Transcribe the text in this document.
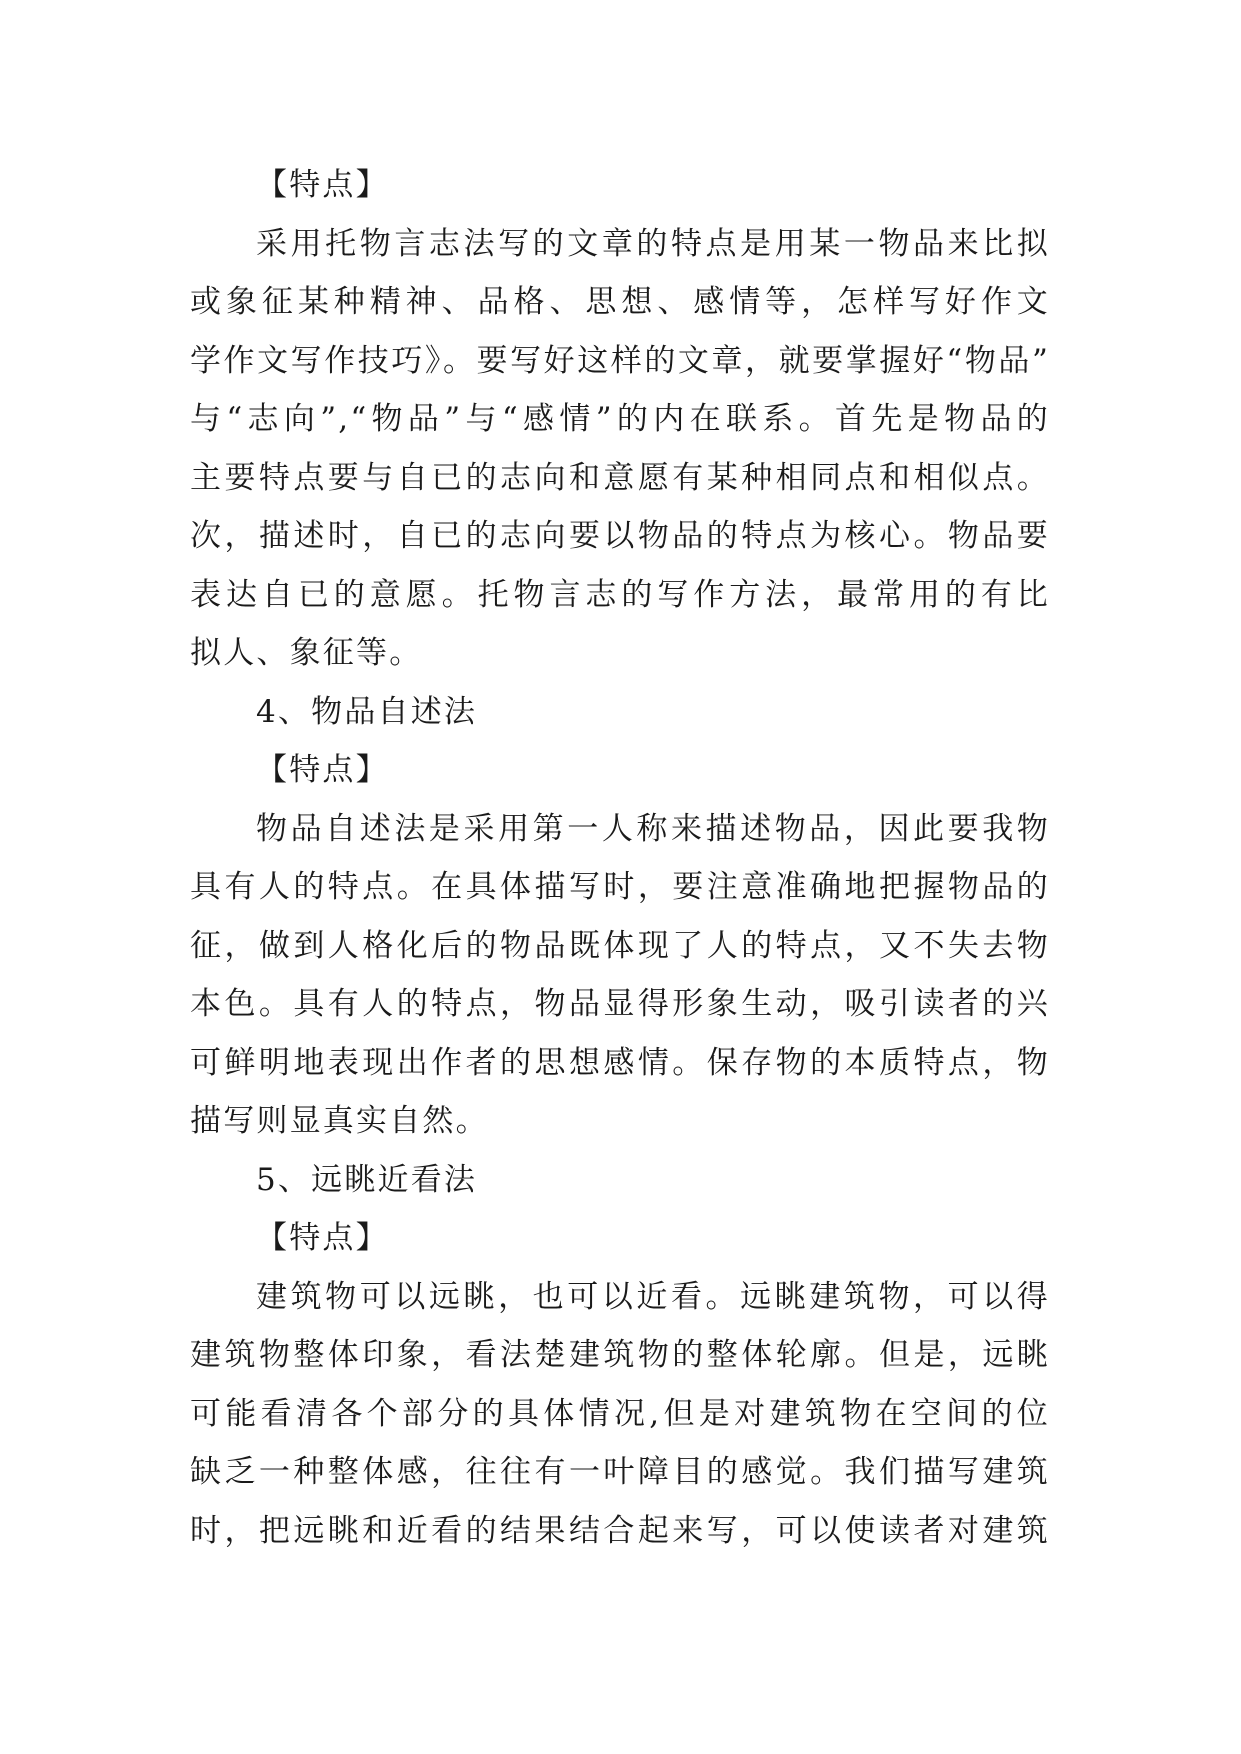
【特点】
采用托物言志法写的文章的特点是用某一物品来比拟
或象征某种精神、品格、思想、感情等，怎样写好作文
学作文写作技巧》。要写好这样的文章，就要掌握好“物品”
与“志向”,“物品”与“感情”的内在联系。首先是物品的
主要特点要与自已的志向和意愿有某种相同点和相似点。
次，描述时，自已的志向要以物品的特点为核心。物品要
表达自已的意愿。托物言志的写作方法，最常用的有比
拟人、象征等。
4、物品自述法
【特点】
物品自述法是采用第一人称来描述物品，因此要我物
具有人的特点。在具体描写时，要注意准确地把握物品的
征，做到人格化后的物品既体现了人的特点，又不失去物
本色。具有人的特点，物品显得形象生动，吸引读者的兴
可鲜明地表现出作者的思想感情。保存物的本质特点，物
描写则显真实自然。
5、远眺近看法
【特点】
建筑物可以远眺，也可以近看。远眺建筑物，可以得
建筑物整体印象，看法楚建筑物的整体轮廓。但是，远眺
可能看清各个部分的具体情况,但是对建筑物在空间的位
缺乏一种整体感，往往有一叶障目的感觉。我们描写建筑
时，把远眺和近看的结果结合起来写，可以使读者对建筑
